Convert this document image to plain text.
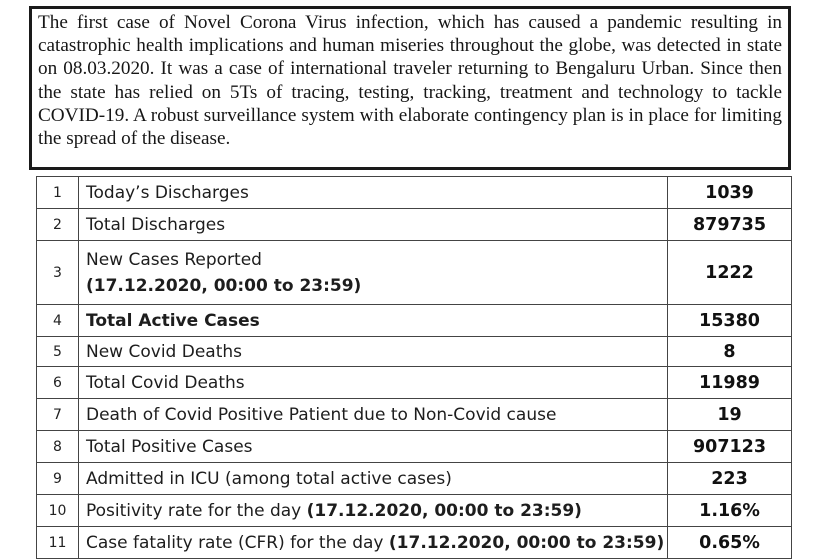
The first case of Novel Corona Virus infection, which has caused a pandemic resulting in catastrophic health implications and human miseries throughout the globe, was detected in state on 08.03.2020. It was a case of international traveler returning to Bengaluru Urban. Since then the state has relied on 5Ts of tracing, testing, tracking, treatment and technology to tackle COVID-19. A robust surveillance system with elaborate contingency plan is in place for limiting the spread of the disease.
1	Today’s Discharges	1039
2	Total Discharges	879735
3	New Cases Reported
(17.12.2020, 00:00 to 23:59)	1222
4	Total Active Cases	15380
5	New Covid Deaths	8
6	Total Covid Deaths	11989
7	Death of Covid Positive Patient due to Non-Covid cause	19
8	Total Positive Cases	907123
9	Admitted in ICU (among total active cases)	223
10	Positivity rate for the day (17.12.2020, 00:00 to 23:59)	1.16%
11	Case fatality rate (CFR) for the day (17.12.2020, 00:00 to 23:59)	0.65%
